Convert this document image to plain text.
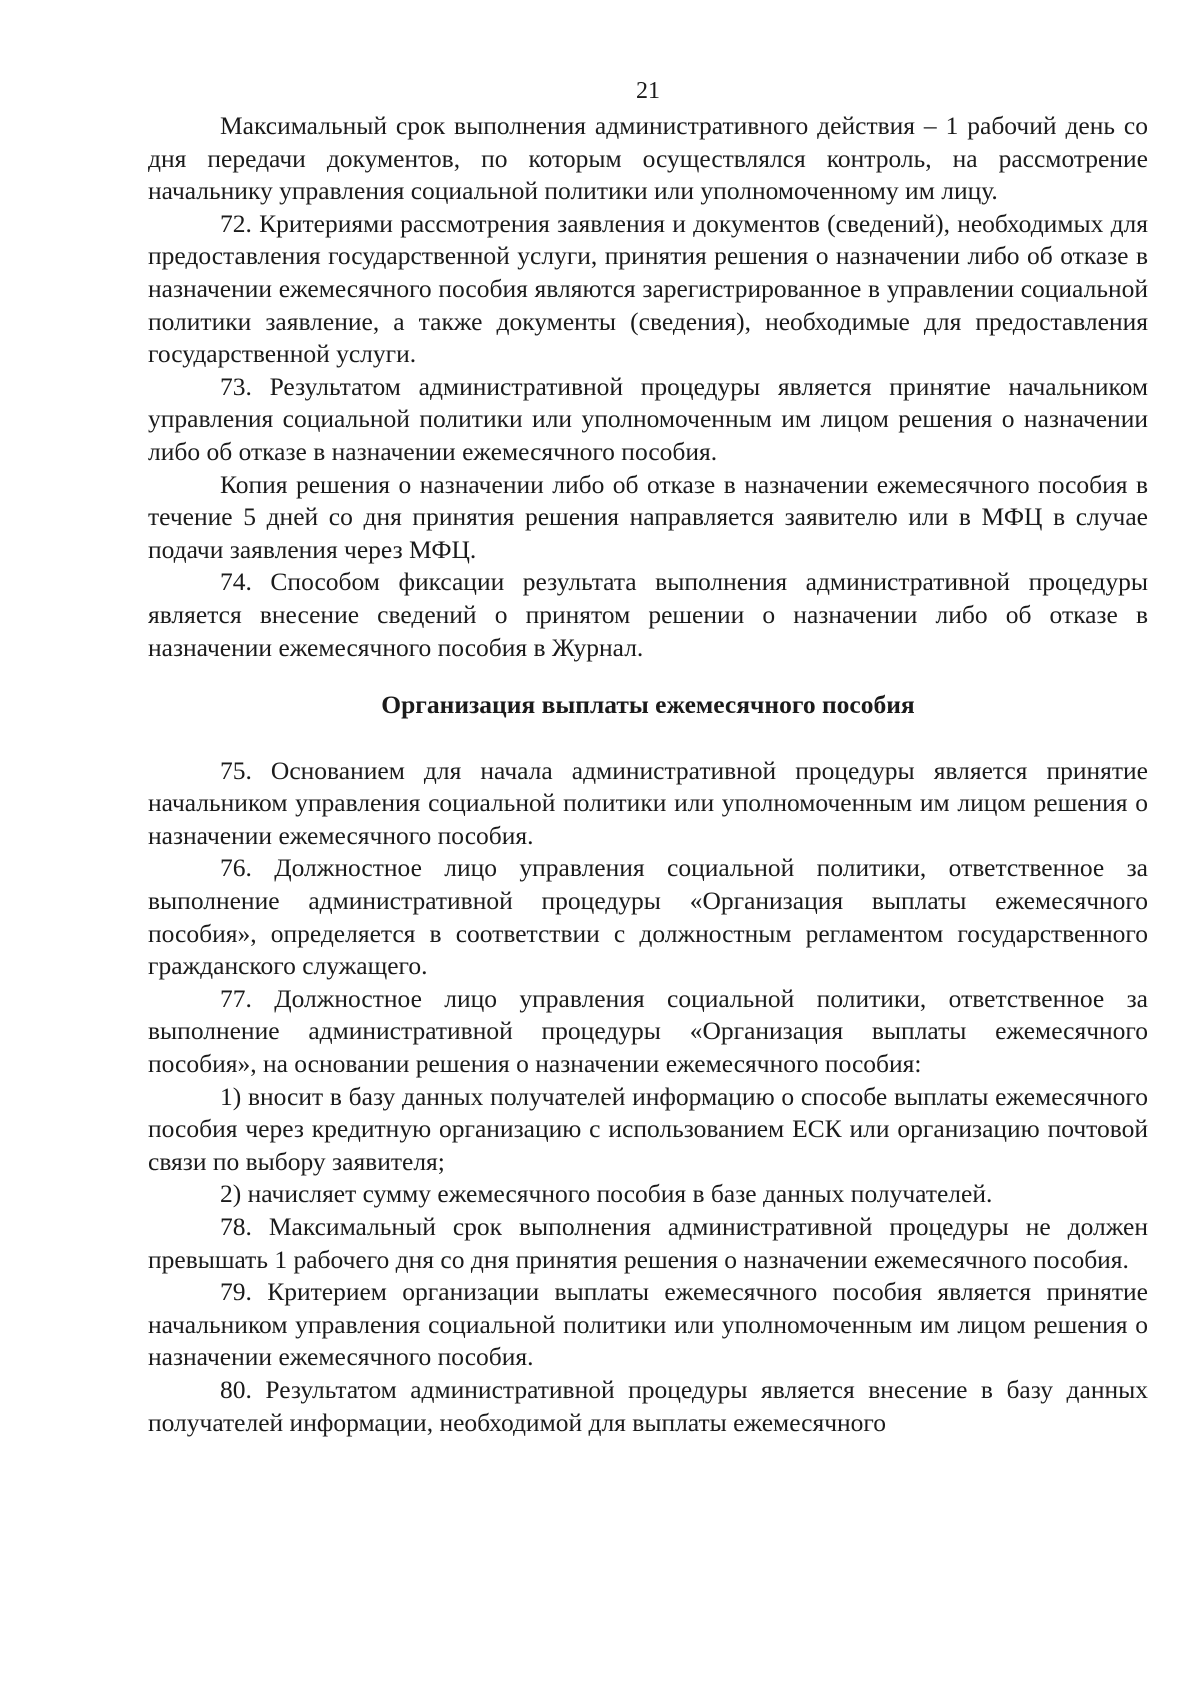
21

Максимальный срок выполнения административного действия – 1 рабочий день со дня передачи документов, по которым осуществлялся контроль, на рассмотрение начальнику управления социальной политики или уполномоченному им лицу.

72. Критериями рассмотрения заявления и документов (сведений), необходимых для предоставления государственной услуги, принятия решения о назначении либо об отказе в назначении ежемесячного пособия являются зарегистрированное в управлении социальной политики заявление, а также документы (сведения), необходимые для предоставления государственной услуги.

73. Результатом административной процедуры является принятие начальником управления социальной политики или уполномоченным им лицом решения о назначении либо об отказе в назначении ежемесячного пособия.

Копия решения о назначении либо об отказе в назначении ежемесячного пособия в течение 5 дней со дня принятия решения направляется заявителю или в МФЦ в случае подачи заявления через МФЦ.

74. Способом фиксации результата выполнения административной процедуры является внесение сведений о принятом решении о назначении либо об отказе в назначении ежемесячного пособия в Журнал.

Организация выплаты ежемесячного пособия

75. Основанием для начала административной процедуры является принятие начальником управления социальной политики или уполномоченным им лицом решения о назначении ежемесячного пособия.

76. Должностное лицо управления социальной политики, ответственное за выполнение административной процедуры «Организация выплаты ежемесячного пособия», определяется в соответствии с должностным регламентом государственного гражданского служащего.

77. Должностное лицо управления социальной политики, ответственное за выполнение административной процедуры «Организация выплаты ежемесячного пособия», на основании решения о назначении ежемесячного пособия:

1) вносит в базу данных получателей информацию о способе выплаты ежемесячного пособия через кредитную организацию с использованием ЕСК или организацию почтовой связи по выбору заявителя;

2) начисляет сумму ежемесячного пособия в базе данных получателей.

78. Максимальный срок выполнения административной процедуры не должен превышать 1 рабочего дня со дня принятия решения о назначении ежемесячного пособия.

79. Критерием организации выплаты ежемесячного пособия является принятие начальником управления социальной политики или уполномоченным им лицом решения о назначении ежемесячного пособия.

80. Результатом административной процедуры является внесение в базу данных получателей информации, необходимой для выплаты ежемесячного
